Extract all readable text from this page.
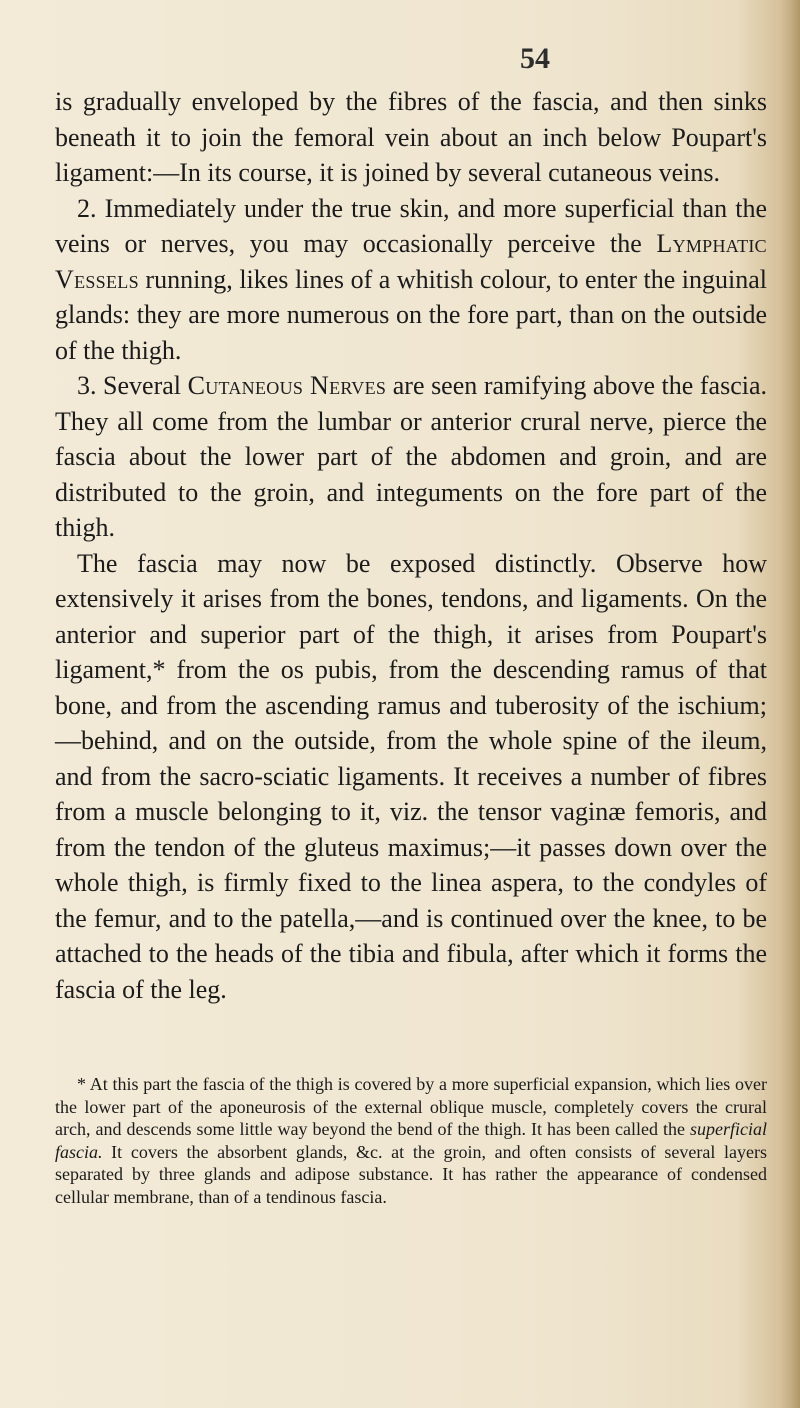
54

is gradually enveloped by the fibres of the fascia, and then sinks beneath it to join the femoral vein about an inch below Poupart's ligament:—In its course, it is joined by several cutaneous veins.

2. Immediately under the true skin, and more superficial than the veins or nerves, you may occasionally perceive the Lymphatic Vessels running, likes lines of a whitish colour, to enter the inguinal glands: they are more numerous on the fore part, than on the outside of the thigh.

3. Several Cutaneous Nerves are seen ramifying above the fascia. They all come from the lumbar or anterior crural nerve, pierce the fascia about the lower part of the abdomen and groin, and are distributed to the groin, and integuments on the fore part of the thigh.

The fascia may now be exposed distinctly. Observe how extensively it arises from the bones, tendons, and ligaments. On the anterior and superior part of the thigh, it arises from Poupart's ligament,* from the os pubis, from the descending ramus of that bone, and from the ascending ramus and tuberosity of the ischium;—behind, and on the outside, from the whole spine of the ileum, and from the sacro-sciatic ligaments. It receives a number of fibres from a muscle belonging to it, viz. the tensor vaginæ femoris, and from the tendon of the gluteus maximus;—it passes down over the whole thigh, is firmly fixed to the linea aspera, to the condyles of the femur, and to the patella,—and is continued over the knee, to be attached to the heads of the tibia and fibula, after which it forms the fascia of the leg.

* At this part the fascia of the thigh is covered by a more superficial expansion, which lies over the lower part of the aponeurosis of the external oblique muscle, completely covers the crural arch, and descends some little way beyond the bend of the thigh. It has been called the superficial fascia. It covers the absorbent glands, &c. at the groin, and often consists of several layers separated by three glands and adipose substance. It has rather the appearance of condensed cellular membrane, than of a tendinous fascia.
